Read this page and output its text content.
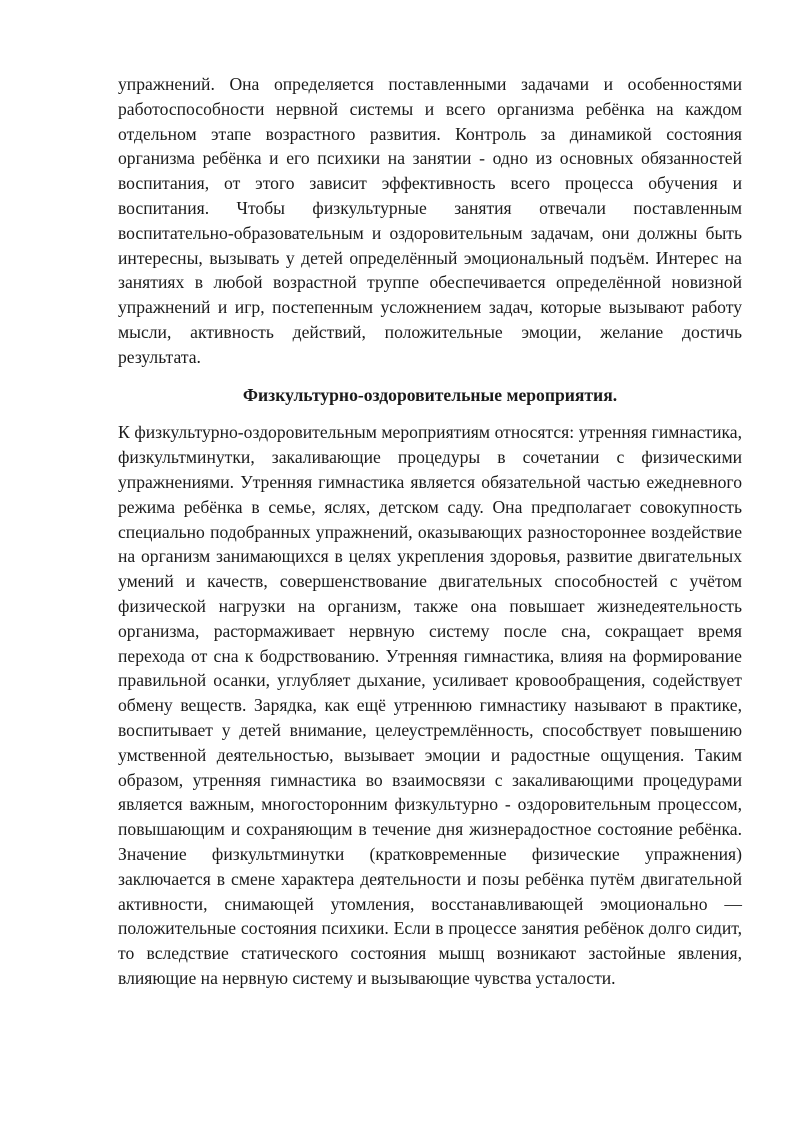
упражнений. Она определяется поставленными задачами и особенностями работоспособности нервной системы и всего организма ребёнка на каждом отдельном этапе возрастного развития. Контроль за динамикой состояния организма ребёнка и его психики на занятии - одно из основных обязанностей воспитания, от этого зависит эффективность всего процесса обучения и воспитания. Чтобы физкультурные занятия отвечали поставленным воспитательно-образовательным и оздоровительным задачам, они должны быть интересны, вызывать у детей определённый эмоциональный подъём. Интерес на занятиях в любой возрастной труппе обеспечивается определённой новизной упражнений и игр, постепенным усложнением задач, которые вызывают работу мысли, активность действий, положительные эмоции, желание достичь результата.

Физкультурно-оздоровительные мероприятия.

К физкультурно-оздоровительным мероприятиям относятся: утренняя гимнастика, физкультминутки, закаливающие процедуры в сочетании с физическими упражнениями. Утренняя гимнастика является обязательной частью ежедневного режима ребёнка в семье, яслях, детском саду. Она предполагает совокупность специально подобранных упражнений, оказывающих разностороннее воздействие на организм занимающихся в целях укрепления здоровья, развитие двигательных умений и качеств, совершенствование двигательных способностей с учётом физической нагрузки на организм, также она повышает жизнедеятельность организма, растормаживает нервную систему после сна, сокращает время перехода от сна к бодрствованию. Утренняя гимнастика, влияя на формирование правильной осанки, углубляет дыхание, усиливает кровообращения, содействует обмену веществ. Зарядка, как ещё утреннюю гимнастику называют в практике, воспитывает у детей внимание, целеустремлённость, способствует повышению умственной деятельностью, вызывает эмоции и радостные ощущения. Таким образом, утренняя гимнастика во взаимосвязи с закаливающими процедурами является важным, многосторонним физкультурно - оздоровительным процессом, повышающим и сохраняющим в течение дня жизнерадостное состояние ребёнка. Значение физкультминутки (кратковременные физические упражнения) заключается в смене характера деятельности и позы ребёнка путём двигательной активности, снимающей утомления, восстанавливающей эмоционально — положительные состояния психики. Если в процессе занятия ребёнок долго сидит, то вследствие статического состояния мышц возникают застойные явления, влияющие на нервную систему и вызывающие чувства усталости.
